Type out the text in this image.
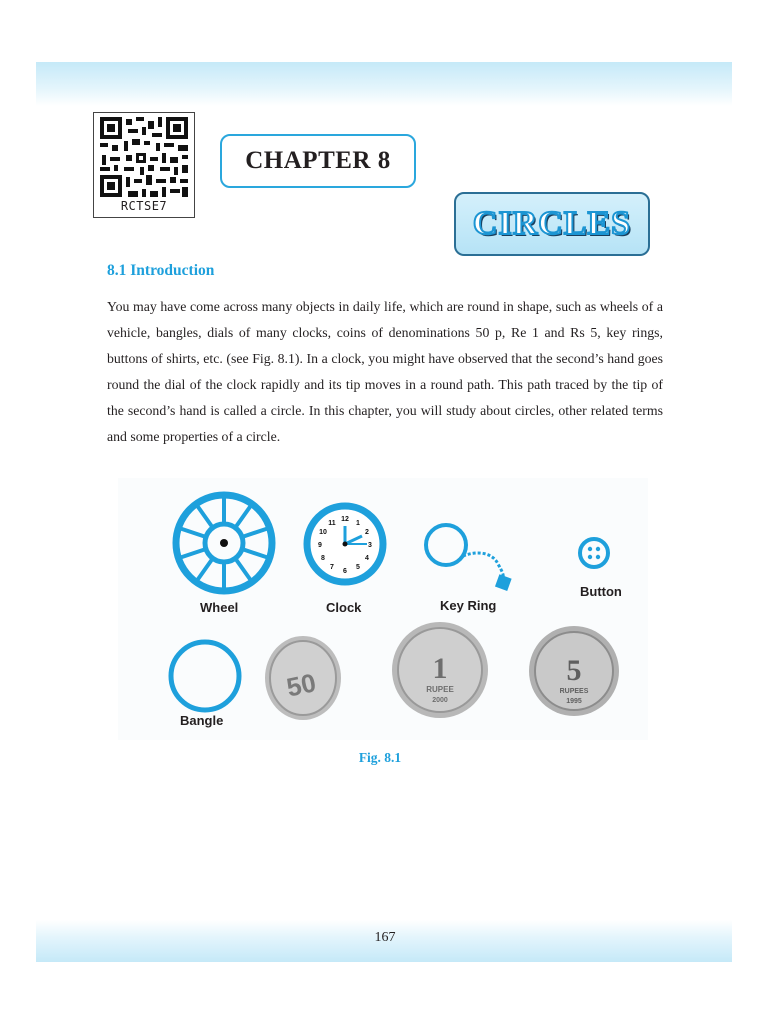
RCTSE7
CHAPTER 8
CIRCLES
8.1 Introduction
You may have come across many objects in daily life, which are round in shape, such as wheels of a vehicle, bangles, dials of many clocks, coins of denominations 50 p, Re 1 and Rs 5, key rings, buttons of shirts, etc. (see Fig. 8.1). In a clock, you might have observed that the second’s hand goes round the dial of the clock rapidly and its tip moves in a round path. This path traced by the tip of the second’s hand is called a circle. In this chapter, you will study about circles, other related terms and some properties of a circle.
12
1
2
3
4
5
6
7
8
9
10
11
50	1
RUPEE
2000
5
RUPEES
1995
Wheel	Clock	Key Ring
Button
Bangle
Fig. 8.1
167
